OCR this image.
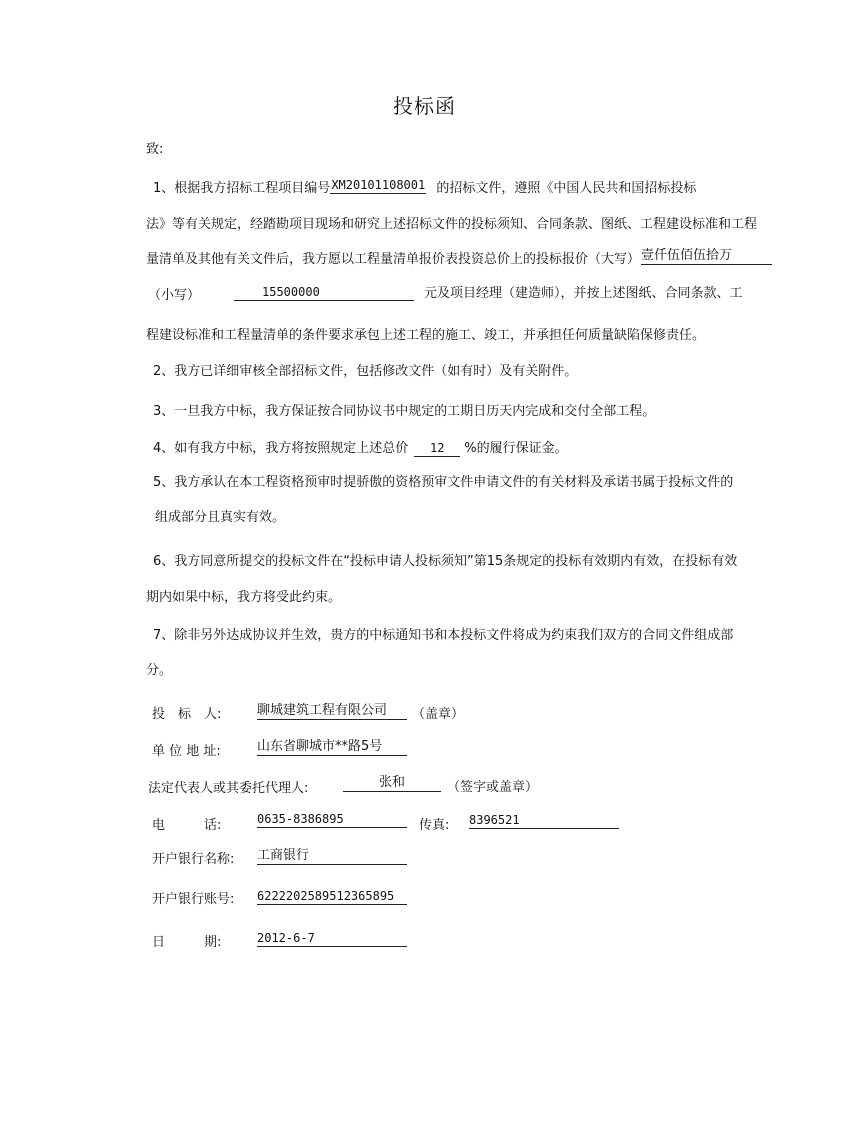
投标函
致:
1、根据我方招标工程项目编号XM20101108001 的招标文件，遵照《中国人民共和国招标投标
法》等有关规定，经踏勘项目现场和研究上述招标文件的投标须知、合同条款、图纸、工程建设标准和工程
量清单及其他有关文件后，我方愿以工程量清单报价表投资总价上的投标报价（大写） 壹仟伍佰伍拾万
（小写）	15500000	元及项目经理（建造师），并按上述图纸、合同条款、工
程建设标准和工程量清单的条件要求承包上述工程的施工、竣工，并承担任何质量缺陷保修责任。
2、我方已详细审核全部招标文件，包括修改文件（如有时）及有关附件。
3、一旦我方中标，我方保证按合同协议书中规定的工期日历天内完成和交付全部工程。
4、如有我方中标，我方将按照规定上述总价 12 %的履行保证金。
5、我方承认在本工程资格预审时提骄傲的资格预审文件申请文件的有关材料及承诺书属于投标文件的
组成部分且真实有效。
6、我方同意所提交的投标文件在“投标申请人投标须知”第15条规定的投标有效期内有效，在投标有效
期内如果中标，我方将受此约束。
7、除非另外达成协议并生效，贵方的中标通知书和本投标文件将成为约束我们双方的合同文件组成部
分。
投　标　人:	聊城建筑工程有限公司	（盖章）
单 位 地 址:	山东省聊城市**路5号
法定代表人或其委托代理人:	张和	（签字或盖章）
电　　　话:	0635-8386895	传真: 8396521
开户银行名称: 工商银行
开户银行账号: 6222202589512365895
日　　　期:	2012-6-7
